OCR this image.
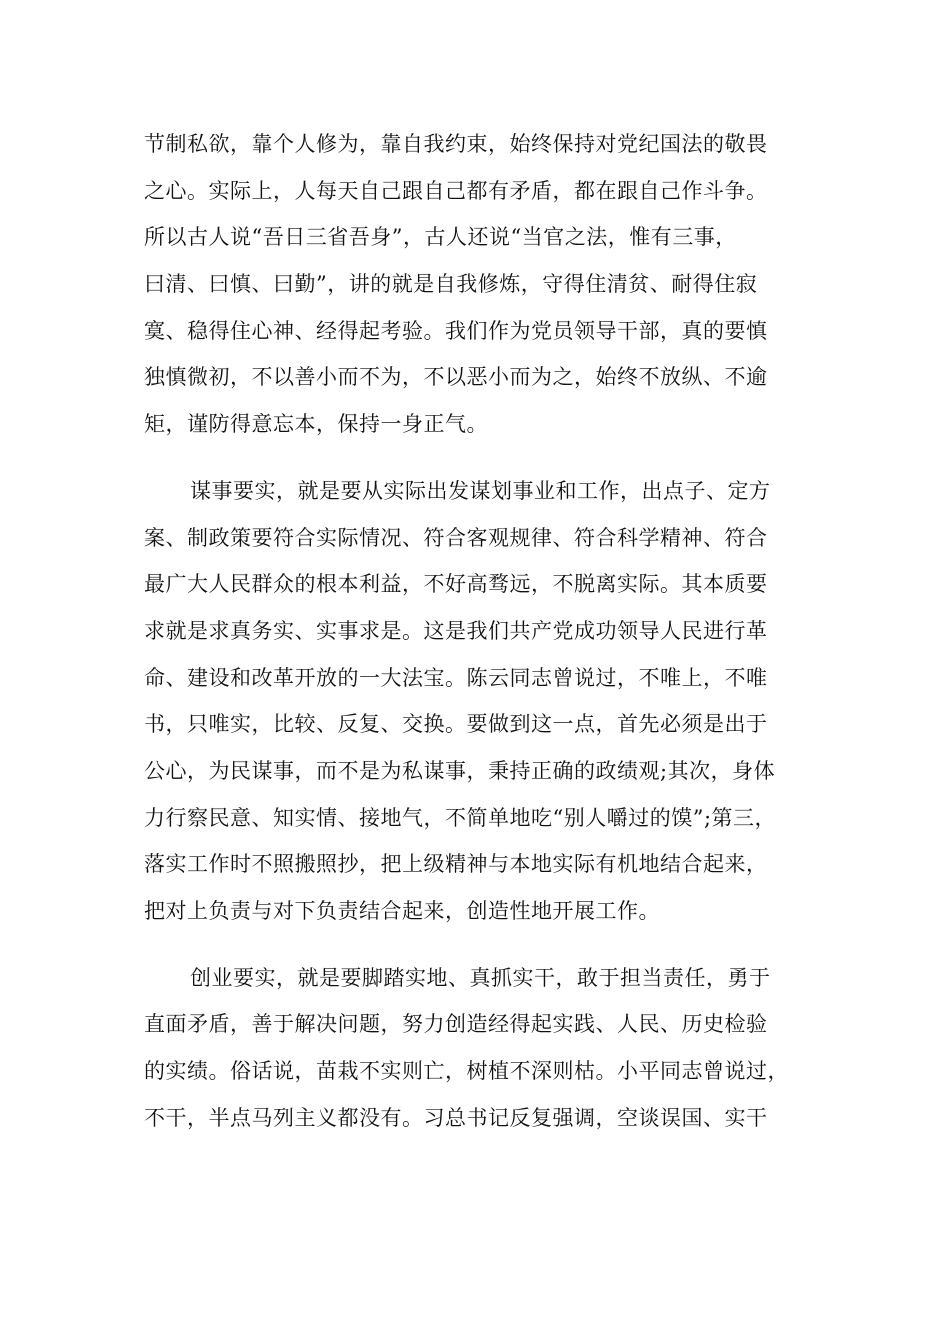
节制私欲，靠个人修为，靠自我约束，始终保持对党纪国法的敬畏

之心。实际上，人每天自己跟自己都有矛盾，都在跟自己作斗争。

所以古人说“吾日三省吾身”，古人还说“当官之法，惟有三事，

曰清、曰慎、曰勤”，讲的就是自我修炼，守得住清贫、耐得住寂

寞、稳得住心神、经得起考验。我们作为党员领导干部，真的要慎

独慎微初，不以善小而不为，不以恶小而为之，始终不放纵、不逾

矩，谨防得意忘本，保持一身正气。

谋事要实，就是要从实际出发谋划事业和工作，出点子、定方

案、制政策要符合实际情况、符合客观规律、符合科学精神、符合

最广大人民群众的根本利益，不好高骛远，不脱离实际。其本质要

求就是求真务实、实事求是。这是我们共产党成功领导人民进行革

命、建设和改革开放的一大法宝。陈云同志曾说过，不唯上，不唯

书，只唯实，比较、反复、交换。要做到这一点，首先必须是出于

公心，为民谋事，而不是为私谋事，秉持正确的政绩观;其次，身体

力行察民意、知实情、接地气，不简单地吃“别人嚼过的馍”;第三，

落实工作时不照搬照抄，把上级精神与本地实际有机地结合起来，

把对上负责与对下负责结合起来，创造性地开展工作。

创业要实，就是要脚踏实地、真抓实干，敢于担当责任，勇于

直面矛盾，善于解决问题，努力创造经得起实践、人民、历史检验

的实绩。俗话说，苗栽不实则亡，树植不深则枯。小平同志曾说过，

不干，半点马列主义都没有。习总书记反复强调，空谈误国、实干
